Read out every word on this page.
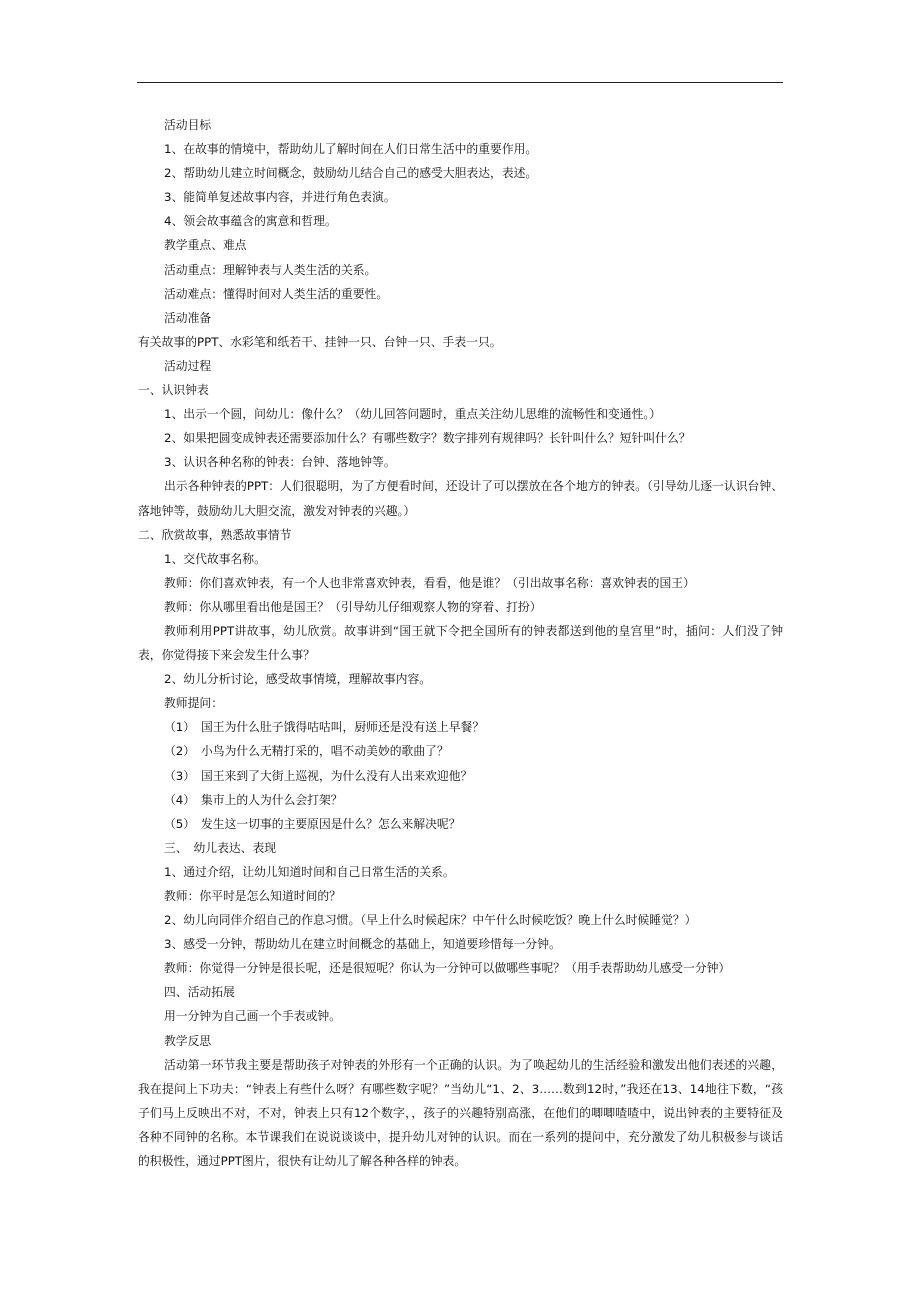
活动目标

1、在故事的情境中，帮助幼儿了解时间在人们日常生活中的重要作用。

2、帮助幼儿建立时间概念，鼓励幼儿结合自己的感受大胆表达，表述。

3、能简单复述故事内容，并进行角色表演。

4、领会故事蕴含的寓意和哲理。

教学重点、难点

活动重点：理解钟表与人类生活的关系。

活动难点：懂得时间对人类生活的重要性。

活动准备

有关故事的PPT、水彩笔和纸若干、挂钟一只、台钟一只、手表一只。

活动过程

一、认识钟表

1、出示一个圆，问幼儿：像什么？（幼儿回答问题时，重点关注幼儿思维的流畅性和变通性。）

2、如果把圆变成钟表还需要添加什么？有哪些数字？数字排列有规律吗？长针叫什么？短针叫什么？

3、认识各种名称的钟表：台钟、落地钟等。

出示各种钟表的PPT：人们很聪明，为了方便看时间，还设计了可以摆放在各个地方的钟表。（引导幼儿逐一认识台钟、落地钟等，鼓励幼儿大胆交流，激发对钟表的兴趣。）

二、欣赏故事，熟悉故事情节

1、交代故事名称。

教师：你们喜欢钟表，有一个人也非常喜欢钟表，看看，他是谁？（引出故事名称：喜欢钟表的国王）

教师：你从哪里看出他是国王？（引导幼儿仔细观察人物的穿着、打扮）

教师利用PPT讲故事，幼儿欣赏。故事讲到“国王就下令把全国所有的钟表都送到他的皇宫里”时，插问：人们没了钟表，你觉得接下来会发生什么事？

2、幼儿分析讨论，感受故事情境，理解故事内容。

教师提问：

（1）　国王为什么肚子饿得咕咕叫，厨师还是没有送上早餐？

（2）　小鸟为什么无精打采的，唱不动美妙的歌曲了？

（3）　国王来到了大街上巡视，为什么没有人出来欢迎他？

（4）　集市上的人为什么会打架？

（5）　发生这一切事的主要原因是什么？怎么来解决呢？

三、　幼儿表达、表现

1、通过介绍，让幼儿知道时间和自己日常生活的关系。

教师：你平时是怎么知道时间的？

2、幼儿向同伴介绍自己的作息习惯。（早上什么时候起床？中午什么时候吃饭？晚上什么时候睡觉？）

3、感受一分钟，帮助幼儿在建立时间概念的基础上，知道要珍惜每一分钟。

教师：你觉得一分钟是很长呢，还是很短呢？你认为一分钟可以做哪些事呢？（用手表帮助幼儿感受一分钟）

四、活动拓展

用一分钟为自己画一个手表或钟。

教学反思

活动第一环节我主要是帮助孩子对钟表的外形有一个正确的认识。为了唤起幼儿的生活经验和激发出他们表述的兴趣，我在提问上下功夫：“钟表上有些什么呀？有哪些数字呢？”当幼儿“1、2、3……数到12时，”我还在13、14地往下数，“孩子们马上反映出不对，不对，钟表上只有12个数字，，孩子的兴趣特别高涨，在他们的唧唧喳喳中，说出钟表的主要特征及各种不同钟的名称。本节课我们在说说谈谈中，提升幼儿对钟的认识。而在一系列的提问中，充分激发了幼儿积极参与谈话的积极性，通过PPT图片，很快有让幼儿了解各种各样的钟表。
